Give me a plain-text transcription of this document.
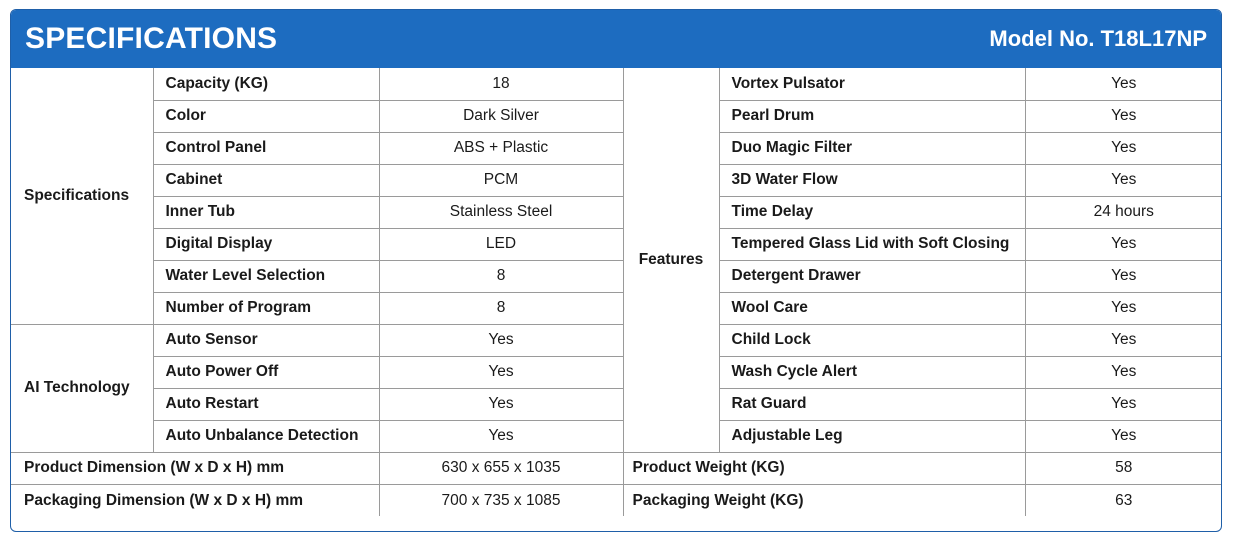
SPECIFICATIONS	Model No. T18L17NP
Specifications	Capacity (KG)	18	Features	Vortex Pulsator	Yes
	Color	Dark Silver		Pearl Drum	Yes
	Control Panel	ABS + Plastic		Duo Magic Filter	Yes
	Cabinet	PCM		3D Water Flow	Yes
	Inner Tub	Stainless Steel		Time Delay	24 hours
	Digital Display	LED		Tempered Glass Lid with Soft Closing	Yes
	Water Level Selection	8		Detergent Drawer	Yes
	Number of Program	8		Wool Care	Yes
AI Technology	Auto Sensor	Yes		Child Lock	Yes
	Auto Power Off	Yes		Wash Cycle Alert	Yes
	Auto Restart	Yes		Rat Guard	Yes
	Auto Unbalance Detection	Yes		Adjustable Leg	Yes
Product Dimension (W x D x H) mm		630 x 655 x 1035	Product Weight (KG)		58
Packaging Dimension (W x D x H) mm		700 x 735 x 1085	Packaging Weight (KG)		63
